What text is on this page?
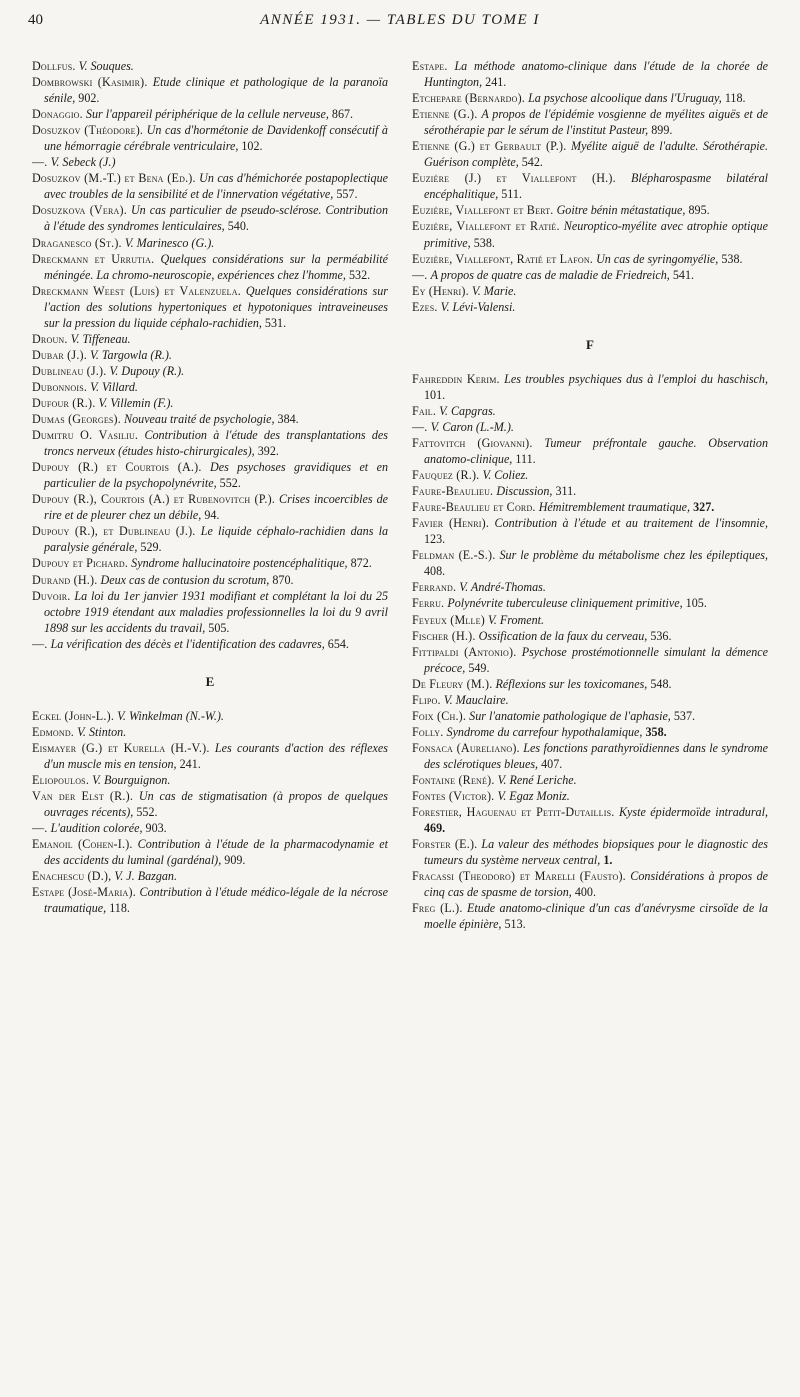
40	ANNÉE 1931. — TABLES DU TOME I

Dollfus. V. Souques.

Dombrowski (Kasimir). Etude clinique et pathologique de la paranoïa sénile, 902.

Donaggio. Sur l'appareil périphérique de la cellule nerveuse, 867.

Dosuzkov (Théodore). Un cas d'hormétonie de Davidenkoff consécutif à une hémorragie cérébrale ventriculaire, 102.

—. V. Sebeck (J.)

Dosuzkov (M.-T.) et Bena (Ed.). Un cas d'hémichorée postapoplectique avec troubles de la sensibilité et de l'innervation végétative, 557.

Dosuzkova (Vera). Un cas particulier de pseudo-sclérose. Contribution à l'étude des syndromes lenticulaires, 540.

Draganesco (St.). V. Marinesco (G.).

Dreckmann et Urrutia. Quelques considérations sur la perméabilité méningée. La chromo-neuroscopie, expériences chez l'homme, 532.

Dreckmann Weest (Luis) et Valenzuela. Quelques considérations sur l'action des solutions hypertoniques et hypotoniques intraveineuses sur la pression du liquide céphalo-rachidien, 531.

Droun. V. Tiffeneau.

Dubar (J.). V. Targowla (R.).

Dublineau (J.). V. Dupouy (R.).

Dubonnois. V. Villard.

Dufour (R.). V. Villemin (F.).

Dumas (Georges). Nouveau traité de psychologie, 384.

Dumitru O. Vasiliu. Contribution à l'étude des transplantations des troncs nerveux (études histo-chirurgicales), 392.

Dupouy (R.) et Courtois (A.). Des psychoses gravidiques et en particulier de la psychopolynévrite, 552.

Dupouy (R.), Courtois (A.) et Rubenovitch (P.). Crises incoercibles de rire et de pleurer chez un débile, 94.

Dupouy (R.), et Dublineau (J.). Le liquide céphalo-rachidien dans la paralysie générale, 529.

Dupouy et Pichard. Syndrome hallucinatoire postencéphalitique, 872.

Durand (H.). Deux cas de contusion du scrotum, 870.

Duvoir. La loi du 1er janvier 1931 modifiant et complétant la loi du 25 octobre 1919 étendant aux maladies professionnelles la loi du 9 avril 1898 sur les accidents du travail, 505.

—. La vérification des décès et l'identification des cadavres, 654.

E

Eckel (John-L.). V. Winkelman (N.-W.).

Edmond. V. Stinton.

Eismayer (G.) et Kurella (H.-V.). Les courants d'action des réflexes d'un muscle mis en tension, 241.

Eliopoulos. V. Bourguignon.

Van der Elst (R.). Un cas de stigmatisation (à propos de quelques ouvrages récents), 552.

—. L'audition colorée, 903.

Emanoil (Cohen-I.). Contribution à l'étude de la pharmacodynamie et des accidents du luminal (gardénal), 909.

Enachescu (D.), V. J. Bazgan.

Estape (José-Maria). Contribution à l'étude médico-légale de la nécrose traumatique, 118.

Estape. La méthode anatomo-clinique dans l'étude de la chorée de Huntington, 241.

Etchepare (Bernardo). La psychose alcoolique dans l'Uruguay, 118.

Etienne (G.). A propos de l'épidémie vosgienne de myélites aiguës et de sérothérapie par le sérum de l'institut Pasteur, 899.

Etienne (G.) et Gerbault (P.). Myélite aiguë de l'adulte. Sérothérapie. Guérison complète, 542.

Euzière (J.) et Viallefont (H.). Blépharospasme bilatéral encéphalitique, 511.

Euzière, Viallefont et Bert. Goitre bénin métastatique, 895.

Euzière, Viallefont et Ratié. Neuroptico-myélite avec atrophie optique primitive, 538.

Euzière, Viallefont, Ratié et Lafon. Un cas de syringomyélie, 538.

—. A propos de quatre cas de maladie de Friedreich, 541.

Ey (Henri). V. Marie.

Ezes. V. Lévi-Valensi.

F

Fahreddin Kerim. Les troubles psychiques dus à l'emploi du haschisch, 101.

Fail. V. Capgras.

—. V. Caron (L.-M.).

Fattovitch (Giovanni). Tumeur préfrontale gauche. Observation anatomo-clinique, 111.

Fauquez (R.). V. Coliez.

Faure-Beaulieu. Discussion, 311.

Faure-Beaulieu et Cord. Hémitremblement traumatique, 327.

Favier (Henri). Contribution à l'étude et au traitement de l'insomnie, 123.

Feldman (E.-S.). Sur le problème du métabolisme chez les épileptiques, 408.

Ferrand. V. André-Thomas.

Ferru. Polynévrite tuberculeuse cliniquement primitive, 105.

Feyeux (Mlle) V. Froment.

Fischer (H.). Ossification de la faux du cerveau, 536.

Fittipaldi (Antonio). Psychose prostémotionnelle simulant la démence précoce, 549.

De Fleury (M.). Réflexions sur les toxicomanes, 548.

Flipo. V. Mauclaire.

Foix (Ch.). Sur l'anatomie pathologique de l'aphasie, 537.

Folly. Syndrome du carrefour hypothalamique, 358.

Fonsaca (Aureliano). Les fonctions parathyroïdiennes dans le syndrome des sclérotiques bleues, 407.

Fontaine (René). V. René Leriche.

Fontes (Victor). V. Egaz Moniz.

Forestier, Haguenau et Petit-Dutaillis. Kyste épidermoïde intradural, 469.

Forster (E.). La valeur des méthodes biopsiques pour le diagnostic des tumeurs du système nerveux central, 1.

Fracassi (Theodoro) et Marelli (Fausto). Considérations à propos de cinq cas de spasme de torsion, 400.

Freg (L.). Etude anatomo-clinique d'un cas d'anévrysme cirsoïde de la moelle épinière, 513.
